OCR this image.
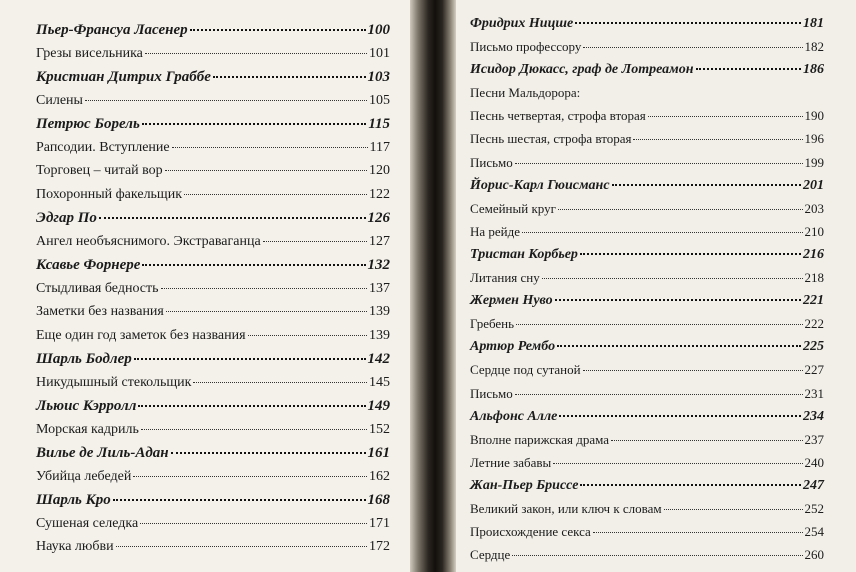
Пьер-Франсуа Ласенер	100
Грезы висельника	101
Кристиан Дитрих Граббе	103
Силены	105
Петрюс Борель	115
Рапсодии. Вступление	117
Торговец – читай вор	120
Похоронный факельщик	122
Эдгар По	126
Ангел необъяснимого. Экстраваганца	127
Ксавье Форнере	132
Стыдливая бедность	137
Заметки без названия	139
Еще один год заметок без названия	139
Шарль Бодлер	142
Никудышный стекольщик	145
Льюис Кэрролл	149
Морская кадриль	152
Вилье де Лиль-Адан	161
Убийца лебедей	162
Шарль Кро	168
Сушеная селедка	171
Наука любви	172
Фридрих Ницше	181
Письмо профессору	182
Исидор Дюкасс, граф де Лотреамон	186
Песни Мальдорора:
Песнь четвертая, строфа вторая	190
Песнь шестая, строфа вторая	196
Письмо	199
Йорис-Карл Гюисманс	201
Семейный круг	203
На рейде	210
Тристан Корбьер	216
Литания сну	218
Жермен Нуво	221
Гребень	222
Артюр Рембо	225
Сердце под сутаной	227
Письмо	231
Альфонс Алле	234
Вполне парижская драма	237
Летние забавы	240
Жан-Пьер Бриссе	247
Великий закон, или ключ к словам	252
Происхождение секса	254
Сердце	260
